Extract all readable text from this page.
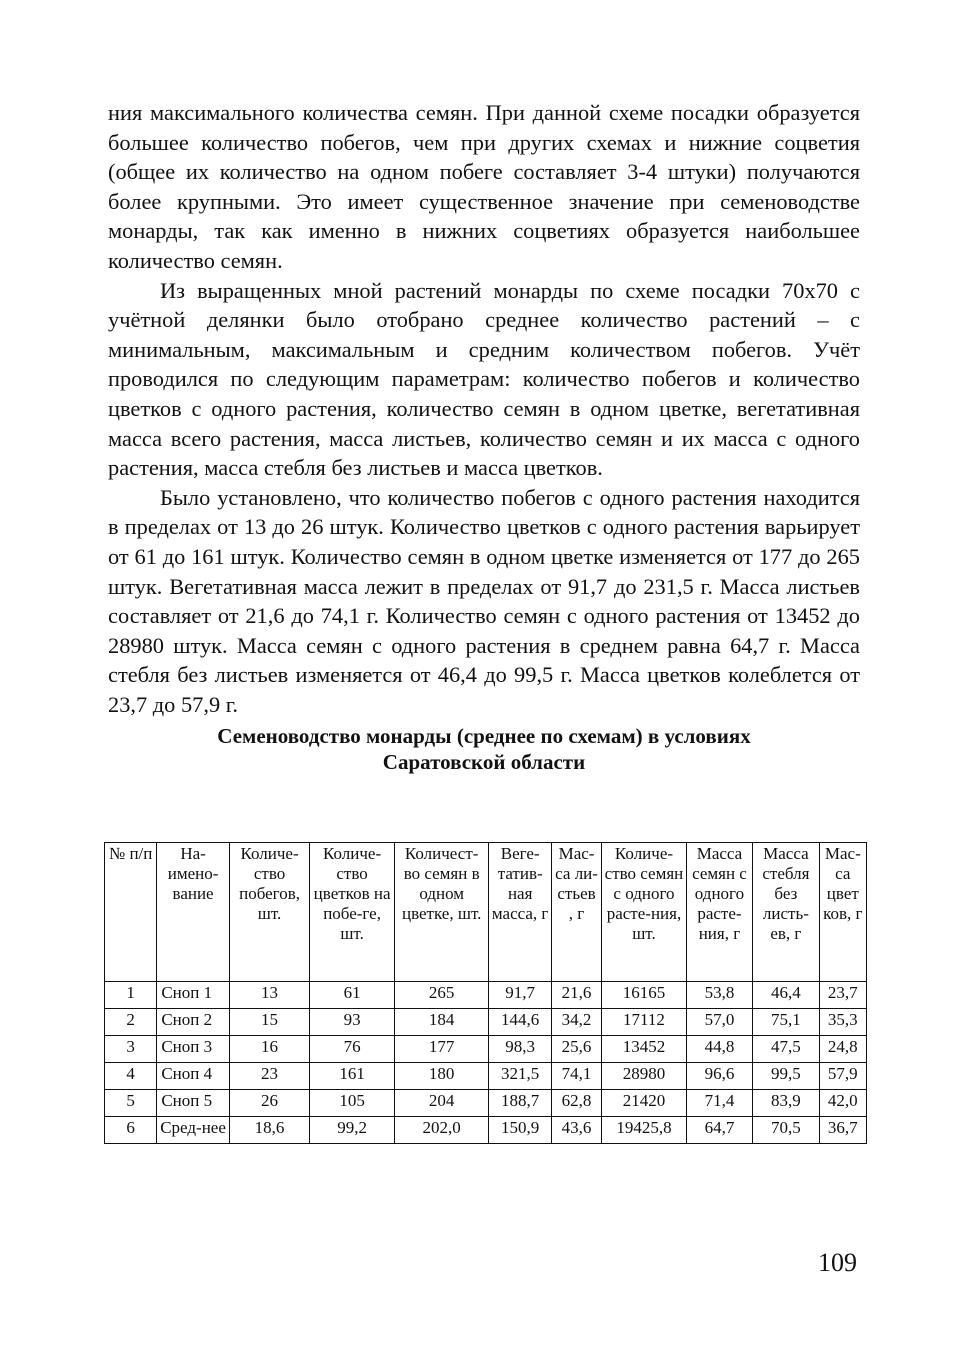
ния максимального количества семян. При данной схеме посадки образуется большее количество побегов, чем при других схемах и нижние соцветия (общее их количество на одном побеге составляет 3-4 штуки) получаются более крупными. Это имеет существенное значение при семеноводстве монарды, так как именно в нижних соцветиях образуется наибольшее количество семян.

Из выращенных мной растений монарды по схеме посадки 70х70 с учётной делянки было отобрано среднее количество растений – с минимальным, максимальным и средним количеством побегов. Учёт проводился по следующим параметрам: количество побегов и количество цветков с одного растения, количество семян в одном цветке, вегетативная масса всего растения, масса листьев, количество семян и их масса с одного растения, масса стебля без листьев и масса цветков.

Было установлено, что количество побегов с одного растения находится в пределах от 13 до 26 штук. Количество цветков с одного растения варьирует от 61 до 161 штук. Количество семян в одном цветке изменяется от 177 до 265 штук. Вегетативная масса лежит в пределах от 91,7 до 231,5 г. Масса листьев составляет от 21,6 до 74,1 г. Количество семян с одного растения от 13452 до 28980 штук. Масса семян с одного растения в среднем равна 64,7 г. Масса стебля без листьев изменяется от 46,4 до 99,5 г. Масса цветков колеблется от 23,7 до 57,9 г.

Семеноводство монарды (среднее по схемам) в условиях
Саратовской области
№ п/п	На-имено-вание	Количе-ство побегов, шт.	Количе-ство цветков на побе-ге, шт.	Количест-во семян в одном цветке, шт.	Веге-татив-ная масса, г	Мас-са ли-стьев , г	Количе-ство семян с одного расте-ния, шт.	Масса семян с одного расте-ния, г	Масса стебля без листь-ев, г	Мас-са цвет ков, г
1	Сноп 1	13	61	265	91,7	21,6	16165	53,8	46,4	23,7
2	Сноп 2	15	93	184	144,6	34,2	17112	57,0	75,1	35,3
3	Сноп 3	16	76	177	98,3	25,6	13452	44,8	47,5	24,8
4	Сноп 4	23	161	180	321,5	74,1	28980	96,6	99,5	57,9
5	Сноп 5	26	105	204	188,7	62,8	21420	71,4	83,9	42,0
6	Сред-нее	18,6	99,2	202,0	150,9	43,6	19425,8	64,7	70,5	36,7
109
